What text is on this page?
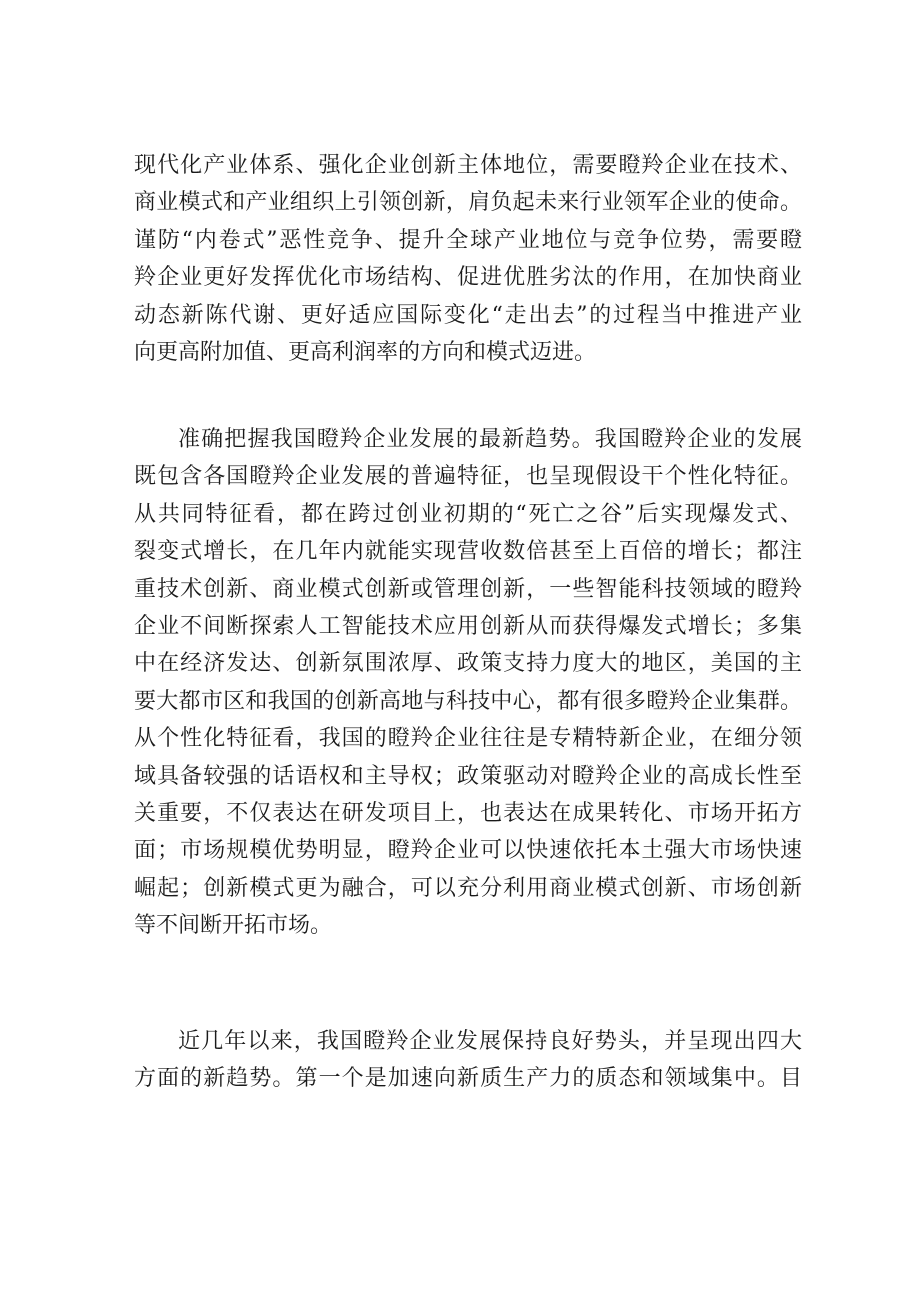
现代化产业体系、强化企业创新主体地位，需要瞪羚企业在技术、
商业模式和产业组织上引领创新，肩负起未来行业领军企业的使命。
谨防“内卷式”恶性竞争、提升全球产业地位与竞争位势，需要瞪
羚企业更好发挥优化市场结构、促进优胜劣汰的作用，在加快商业
动态新陈代谢、更好适应国际变化“走出去”的过程当中推进产业
向更高附加值、更高利润率的方向和模式迈进。
准确把握我国瞪羚企业发展的最新趋势。我国瞪羚企业的发展
既包含各国瞪羚企业发展的普遍特征，也呈现假设干个性化特征。
从共同特征看，都在跨过创业初期的“死亡之谷”后实现爆发式、
裂变式增长，在几年内就能实现营收数倍甚至上百倍的增长；都注
重技术创新、商业模式创新或管理创新，一些智能科技领域的瞪羚
企业不间断探索人工智能技术应用创新从而获得爆发式增长；多集
中在经济发达、创新氛围浓厚、政策支持力度大的地区，美国的主
要大都市区和我国的创新高地与科技中心，都有很多瞪羚企业集群。
从个性化特征看，我国的瞪羚企业往往是专精特新企业，在细分领
域具备较强的话语权和主导权；政策驱动对瞪羚企业的高成长性至
关重要，不仅表达在研发项目上，也表达在成果转化、市场开拓方
面；市场规模优势明显，瞪羚企业可以快速依托本土强大市场快速
崛起；创新模式更为融合，可以充分利用商业模式创新、市场创新
等不间断开拓市场。
近几年以来，我国瞪羚企业发展保持良好势头，并呈现出四大
方面的新趋势。第一个是加速向新质生产力的质态和领域集中。目
